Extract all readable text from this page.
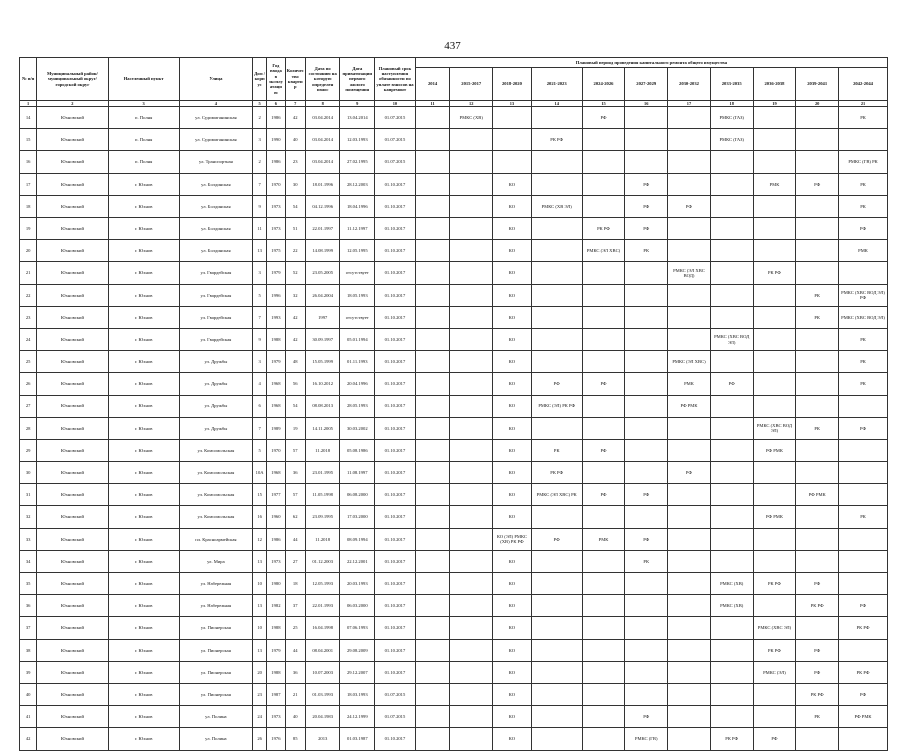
437
№ п/п	Муниципальный район/ муниципальный округ/городской округ	Населенный пункт	Улица	Дом / корпус	Год ввода в эксплуатацию	Количество квартир	Дата по состоянию на которую определен износ	Дата приватизации первого жилого помещения	Плановый срок наступления обязанности по уплате взносов на капремонт	Плановый период проведения капитального ремонта общего имущества										
										2014	2015-2017	2018-2020	2021-2023	2024-2026	2027-2029	2030-2032	2033-2035	2036-2038	2039-2041	2042-2044
1	2	3	4	5	6	7	8	9	10	11	12	13	14	15	16	17	18	19	20	21
14	Юхновский	п. Полня	ул. Судимиганинская	2	1986	42	03.04.2014	13.04.2014	01.07.2015		РМКС (ХВ)			РФ			РМКС (ГАЗ)			РК
15	Юхновский	п. Полня	ул. Судимиганинская	3	1990	40	03.04.2014	12.03.1993	01.07.2015				РК РФ				РМКС (ГАЗ)			
16	Юхновский	п. Полня	ул. Транспортная	2	1986	23	03.04.2014	27.02.1995	01.07.2015											РМКС (ГВ) РК
17	Юхновский	г. Юхнов	ул. Болдинская	7	1970	30	18.01.1996	28.12.2003	01.10.2017			КО			РФ			РМК	РФ	РК
18	Юхновский	г. Юхнов	ул. Болдинская	9	1973	54	04.12.1996	18.04.1996	01.10.2017			КО	РМКС (ХВ ЭЛ)		РФ	РФ				РК
19	Юхновский	г. Юхнов	ул. Болдинская	11	1973	51	22.01.1997	11.12.1997	01.10.2017			КО		РК РФ	РФ					РФ
20	Юхновский	г. Юхнов	ул. Болдинская	13	1975	22	14.08.1999	12.05.1995	01.10.2017			КО		РМКС (ЭЛ ХВС)	РК					РМК
21	Юхновский	г. Юхнов	ул. Гвардейская	3	1979	52	23.05.2005	отсутствует	01.10.2017			КО				РМКС (ЭЛ ХВС ВОД)		РК РФ		
22	Юхновский	г. Юхнов	ул. Гвардейская	5	1996	32	26.04.2004	18.05.1993	01.10.2017			КО							РК	РМКС (ХВС ВОД ЭЛ) РФ
23	Юхновский	г. Юхнов	ул. Гвардейская	7	1993	42	1997	отсутствует	01.10.2017			КО							РК	РМКС (ХВС ВОД ЭЛ)
24	Юхновский	г. Юхнов	ул. Гвардейская	9	1988	42	30.09.1997	05.01.1994	01.10.2017			КО					РМКС (ХВС ВОД ЭЛ)			РК
25	Юхновский	г. Юхнов	ул. Дружбы	3	1979	48	15.05.1999	01.11.1993	01.10.2017			КО				РМКС (ЭЛ ХВС)				РК
26	Юхновский	г. Юхнов	ул. Дружбы	4	1968	56	16.10.2012	20.04.1996	01.10.2017			КО	РФ	РФ		РМК	РФ			РК
27	Юхновский	г. Юхнов	ул. Дружбы	6	1968	54	08.08.2013	28.05.1993	01.10.2017			КО	РМКС (ЭЛ) РК РФ			РФ РМК				
28	Юхновский	г. Юхнов	ул. Дружбы	7	1989	19	14.11.2005	30.03.2002	01.10.2017			КО						РМКС (ХВС ВОД ЭЛ)	РК	РФ
29	Юхновский	г. Юхнов	ул. Комсомольская	5	1970	57	11.2018	05.08.1986	01.10.2017			КО	РК	РФ				РФ РМК		
30	Юхновский	г. Юхнов	ул. Комсомольская	10А	1968	36	23.01.1995	11.08.1997	01.10.2017			КО	РК РФ			РФ				
31	Юхновский	г. Юхнов	ул. Комсомольская	15	1977	57	11.05.1998	06.08.2000	01.10.2017			КО	РМКС (ЭЛ ХВС) РК	РФ	РФ				РФ РМК	
32	Юхновский	г. Юхнов	ул. Комсомольская	16	1960	62	23.09.1995	17.03.2000	01.10.2017			КО						РФ РМК		РК
33	Юхновский	г. Юхнов	пл. Красноармейская	12	1986	44	11.2018	08.09.1994	01.10.2017			КО (ЭЛ) РМКС (ХВ) РК РФ	РФ	РМК	РФ					
34	Юхновский	г. Юхнов	ул. Мира	13	1973	27	01.12.2003	22.12.2001	01.10.2017			КО			РК					
35	Юхновский	г. Юхнов	ул. Набережная	10	1980	18	12.05.1993	20.03.1993	01.10.2017			КО					РМКС (ХВ)	РК РФ	РФ	
36	Юхновский	г. Юхнов	ул. Набережная	13	1982	37	22.01.1993	06.03.2000	01.10.2017			КО					РМКС (ХВ)		РК РФ	РФ
37	Юхновский	г. Юхнов	ул. Пионерская	10	1988	25	16.04.1998	07.06.1993	01.10.2017			КО						РМКС (ХВС ЭЛ)		РК РФ
38	Юхновский	г. Юхнов	ул. Пионерская	13	1979	44	08.04.2001	29.08.2009	01.10.2017			КО						РК РФ	РФ	
39	Юхновский	г. Юхнов	ул. Пионерская	20	1988	36	10.07.2003	29.12.2007	01.10.2017			КО						РМКС (ЭЛ)	РФ	РК РФ
40	Юхновский	г. Юхнов	ул. Пионерская	23	1987	21	01.03.1993	18.03.1993	01.07.2015			КО							РК РФ	РФ
41	Юхновский	г. Юхнов	ул. Полина	24	1973	40	20.04.1983	24.12.1999	01.07.2015			КО			РФ				РК	РФ РМК
42	Юхновский	г. Юхнов	ул. Полина	26	1976	85	2013	01.03.1987	01.10.2017			КО			РМКС (ГВ)		РК РФ	РФ		
